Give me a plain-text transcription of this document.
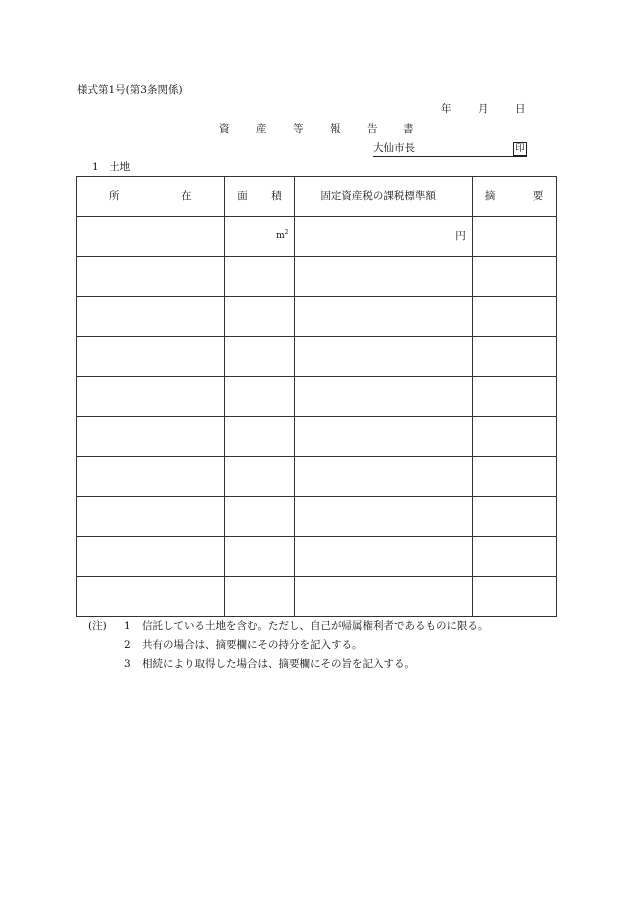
様式第1号(第3条関係)
年	月	日
資	産	等	報	告 書
大仙市長	印
1　土地
所 在	面 積	固定資産税の課税標準額	摘 要

	$m^2$	円	

(注) 1 信託している土地を含む。ただし、自己が帰属権利者であるものに限る。
2 共有の場合は、摘要欄にその持分を記入する。
3 相続により取得した場合は、摘要欄にその旨を記入する。
